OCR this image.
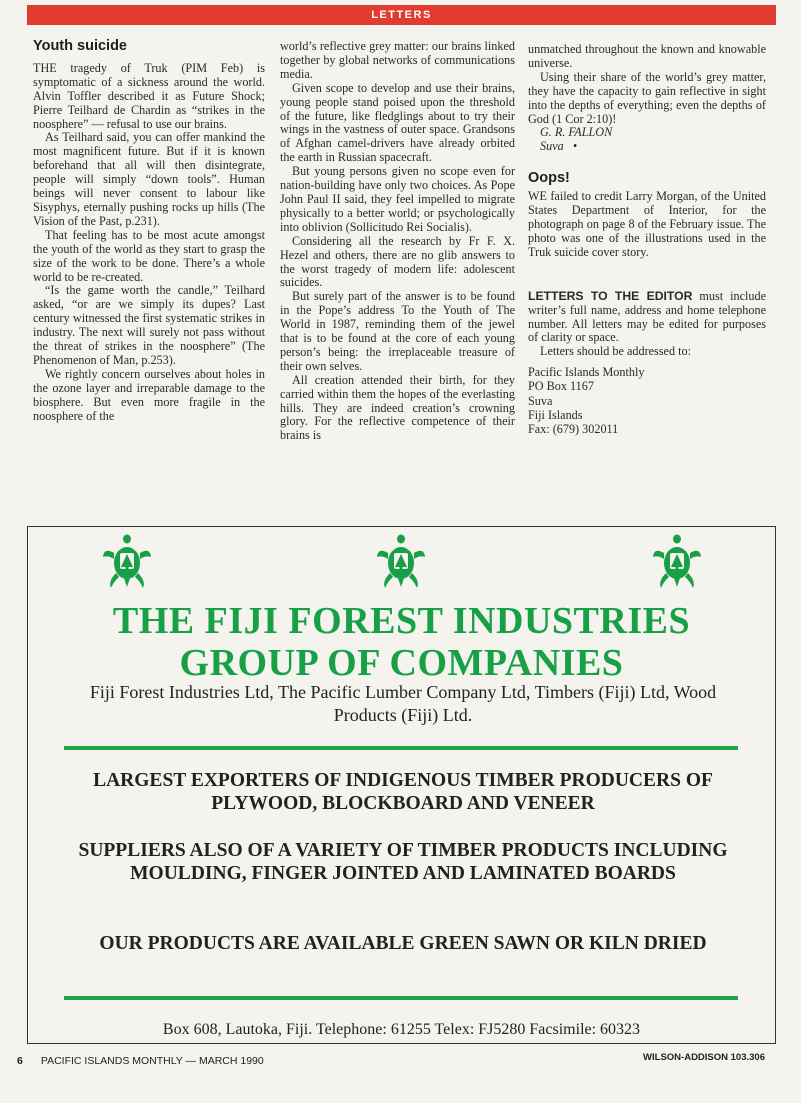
LETTERS
Youth suicide

THE tragedy of Truk (PIM Feb) is symptomatic of a sickness around the world. Alvin Toffler described it as Future Shock; Pierre Teilhard de Chardin as “strikes in the noosphere” — refusal to use our brains.

As Teilhard said, you can offer mankind the most magnificent future. But if it is known beforehand that all will then disintegrate, people will simply “down tools”. Human beings will never consent to labour like Sisyphys, eternally pushing rocks up hills (The Vision of the Past, p.231).

That feeling has to be most acute amongst the youth of the world as they start to grasp the size of the work to be done. There’s a whole world to be re-created.

“Is the game worth the candle,” Teilhard asked, “or are we simply its dupes? Last century witnessed the first systematic strikes in industry. The next will surely not pass without the threat of strikes in the noosphere” (The Phenomenon of Man, p.253).

We rightly concern ourselves about holes in the ozone layer and irreparable damage to the biosphere. But even more fragile in the noosphere of the

world’s reflective grey matter: our brains linked together by global networks of communications media.

Given scope to develop and use their brains, young people stand poised upon the threshold of the future, like fledglings about to try their wings in the vastness of outer space. Grandsons of Afghan camel-drivers have already orbited the earth in Russian spacecraft.

But young persons given no scope even for nation-building have only two choices. As Pope John Paul II said, they feel impelled to migrate physically to a better world; or psychologically into oblivion (Sollicitudo Rei Socialis).

Considering all the research by Fr F. X. Hezel and others, there are no glib answers to the worst tragedy of modern life: adolescent suicides.

But surely part of the answer is to be found in the Pope’s address To the Youth of The World in 1987, reminding them of the jewel that is to be found at the core of each young person’s being: the irreplaceable treasure of their own selves.

All creation attended their birth, for they carried within them the hopes of the everlasting hills. They are indeed creation’s crowning glory. For the reflective competence of their brains is

unmatched throughout the known and knowable universe.

Using their share of the world’s grey matter, they have the capacity to gain reflective in sight into the depths of everything; even the depths of God (1 Cor 2:10)!

G. R. FALLON

Suva •

Oops!

WE failed to credit Larry Morgan, of the United States Department of Interior, for the photograph on page 8 of the February issue. The photo was one of the illustrations used in the Truk suicide cover story.

LETTERS TO THE EDITOR must include writer’s full name, address and home telephone number. All letters may be edited for purposes of clarity or space.

Letters should be addressed to:

Pacific Islands Monthly
PO Box 1167
Suva
Fiji Islands
Fax: (679) 302011
THE FIJI FOREST INDUSTRIES
GROUP OF COMPANIES
Fiji Forest Industries Ltd, The Pacific Lumber Company Ltd, Timbers (Fiji) Ltd, Wood Products (Fiji) Ltd.
LARGEST EXPORTERS OF INDIGENOUS TIMBER PRODUCERS OF PLYWOOD, BLOCKBOARD AND VENEER
SUPPLIERS ALSO OF A VARIETY OF TIMBER PRODUCTS INCLUDING MOULDING, FINGER JOINTED AND LAMINATED BOARDS
OUR PRODUCTS ARE AVAILABLE GREEN SAWN OR KILN DRIED
Box 608, Lautoka, Fiji. Telephone: 61255 Telex: FJ5280 Facsimile: 60323
6 PACIFIC ISLANDS MONTHLY — MARCH 1990	WILSON-ADDISON 103.306
